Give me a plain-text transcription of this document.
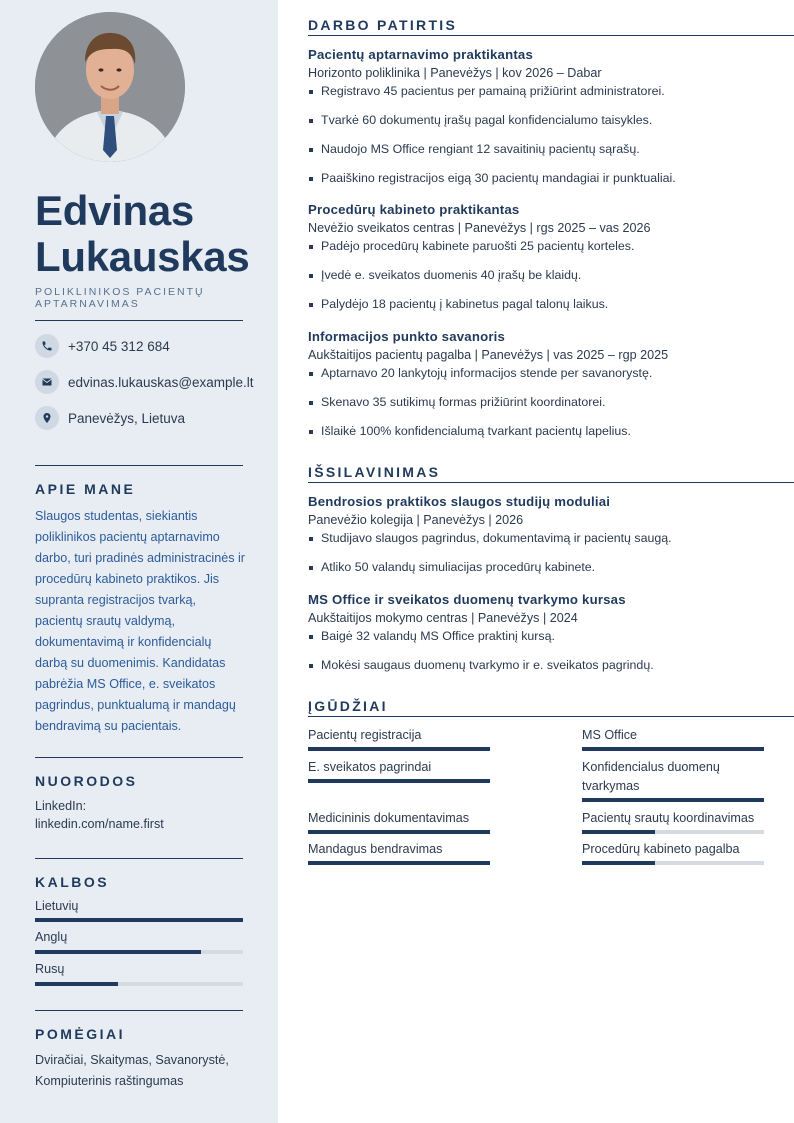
Edvinas
Lukauskas
POLIKLINIKOS PACIENTŲ APTARNAVIMAS
+370 45 312 684
edvinas.lukauskas@example.lt
Panevėžys, Lietuva
APIE MANE
Slaugos studentas, siekiantis poliklinikos pacientų aptarnavimo darbo, turi pradinės administracinės ir procedūrų kabineto praktikos. Jis supranta registracijos tvarką, pacientų srautų valdymą, dokumentavimą ir konfidencialų darbą su duomenimis. Kandidatas pabrėžia MS Office, e. sveikatos pagrindus, punktualumą ir mandagų bendravimą su pacientais.
NUORODOS
LinkedIn:
linkedin.com/name.first
KALBOS
Lietuvių
Anglų
Rusų
POMĖGIAI
Dviračiai, Skaitymas, Savanorystė, Kompiuterinis raštingumas
DARBO PATIRTIS
Pacientų aptarnavimo praktikantas
Horizonto poliklinika | Panevėžys | kov 2026 – Dabar
Registravo 45 pacientus per pamainą prižiūrint administratorei.
Tvarkė 60 dokumentų įrašų pagal konfidencialumo taisykles.
Naudojo MS Office rengiant 12 savaitinių pacientų sąrašų.
Paaiškino registracijos eigą 30 pacientų mandagiai ir punktualiai.
Procedūrų kabineto praktikantas
Nevėžio sveikatos centras | Panevėžys | rgs 2025 – vas 2026
Padėjo procedūrų kabinete paruošti 25 pacientų korteles.
Įvedė e. sveikatos duomenis 40 įrašų be klaidų.
Palydėjo 18 pacientų į kabinetus pagal talonų laikus.
Informacijos punkto savanoris
Aukštaitijos pacientų pagalba | Panevėžys | vas 2025 – rgp 2025
Aptarnavo 20 lankytojų informacijos stende per savanorystę.
Skenavo 35 sutikimų formas prižiūrint koordinatorei.
Išlaikė 100% konfidencialumą tvarkant pacientų lapelius.
IŠSILAVINIMAS
Bendrosios praktikos slaugos studijų moduliai
Panevėžio kolegija | Panevėžys | 2026
Studijavo slaugos pagrindus, dokumentavimą ir pacientų saugą.
Atliko 50 valandų simuliacijas procedūrų kabinete.
MS Office ir sveikatos duomenų tvarkymo kursas
Aukštaitijos mokymo centras | Panevėžys | 2024
Baigė 32 valandų MS Office praktinį kursą.
Mokėsi saugaus duomenų tvarkymo ir e. sveikatos pagrindų.
ĮGŪDŽIAI
Pacientų registracija	MS Office
E. sveikatos pagrindai	Konfidencialus duomenų tvarkymas
Medicininis dokumentavimas	Pacientų srautų koordinavimas
Mandagus bendravimas	Procedūrų kabineto pagalba
